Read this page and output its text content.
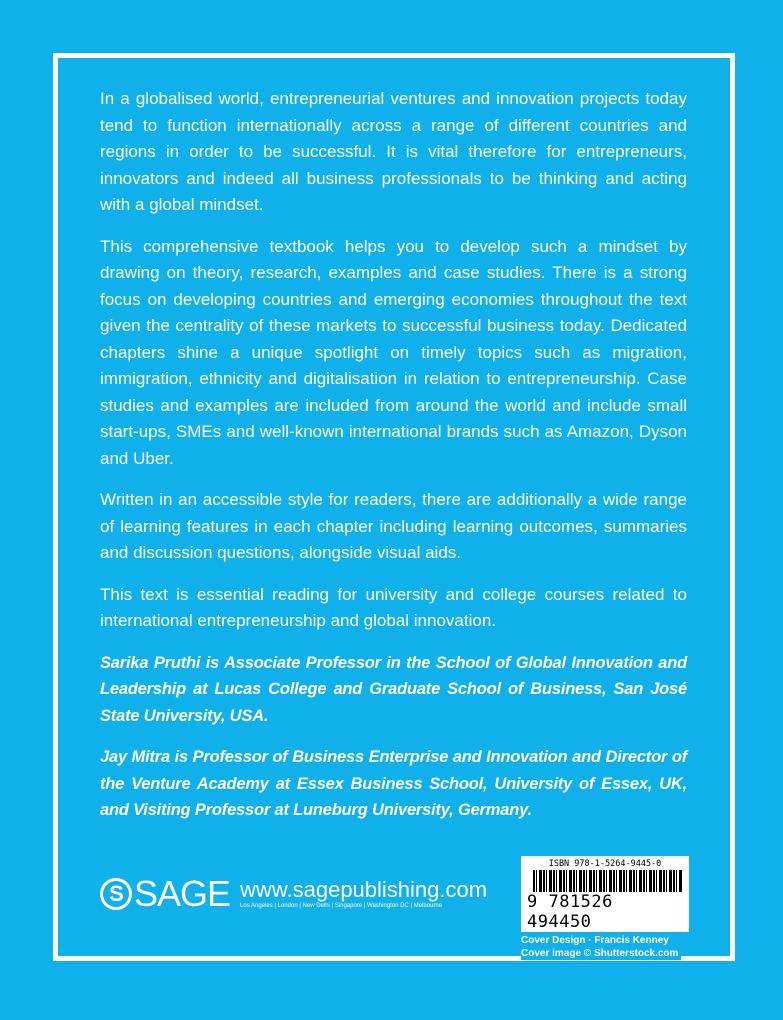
In a globalised world, entrepreneurial ventures and innovation projects today tend to function internationally across a range of different countries and regions in order to be successful. It is vital therefore for entrepreneurs, innovators and indeed all business professionals to be thinking and acting with a global mindset.

This comprehensive textbook helps you to develop such a mindset by drawing on theory, research, examples and case studies. There is a strong focus on developing countries and emerging economies throughout the text given the centrality of these markets to successful business today. Dedicated chapters shine a unique spotlight on timely topics such as migration, immigration, ethnicity and digitalisation in relation to entrepreneurship. Case studies and examples are included from around the world and include small start-ups, SMEs and well-known international brands such as Amazon, Dyson and Uber.

Written in an accessible style for readers, there are additionally a wide range of learning features in each chapter including learning outcomes, summaries and discussion questions, alongside visual aids.

This text is essential reading for university and college courses related to international entrepreneurship and global innovation.

Sarika Pruthi is Associate Professor in the School of Global Innovation and Leadership at Lucas College and Graduate School of Business, San José State University, USA.

Jay Mitra is Professor of Business Enterprise and Innovation and Director of the Venture Academy at Essex Business School, University of Essex, UK, and Visiting Professor at Luneburg University, Germany.

S SAGE www.sagepublishing.com
Los Angeles | London | New Delhi | Singapore | Washington DC | Melbourne
ISBN 978-1-5264-9445-0
9 781526 494450
Cover Design · Francis Kenney
Cover image © Shutterstock.com
